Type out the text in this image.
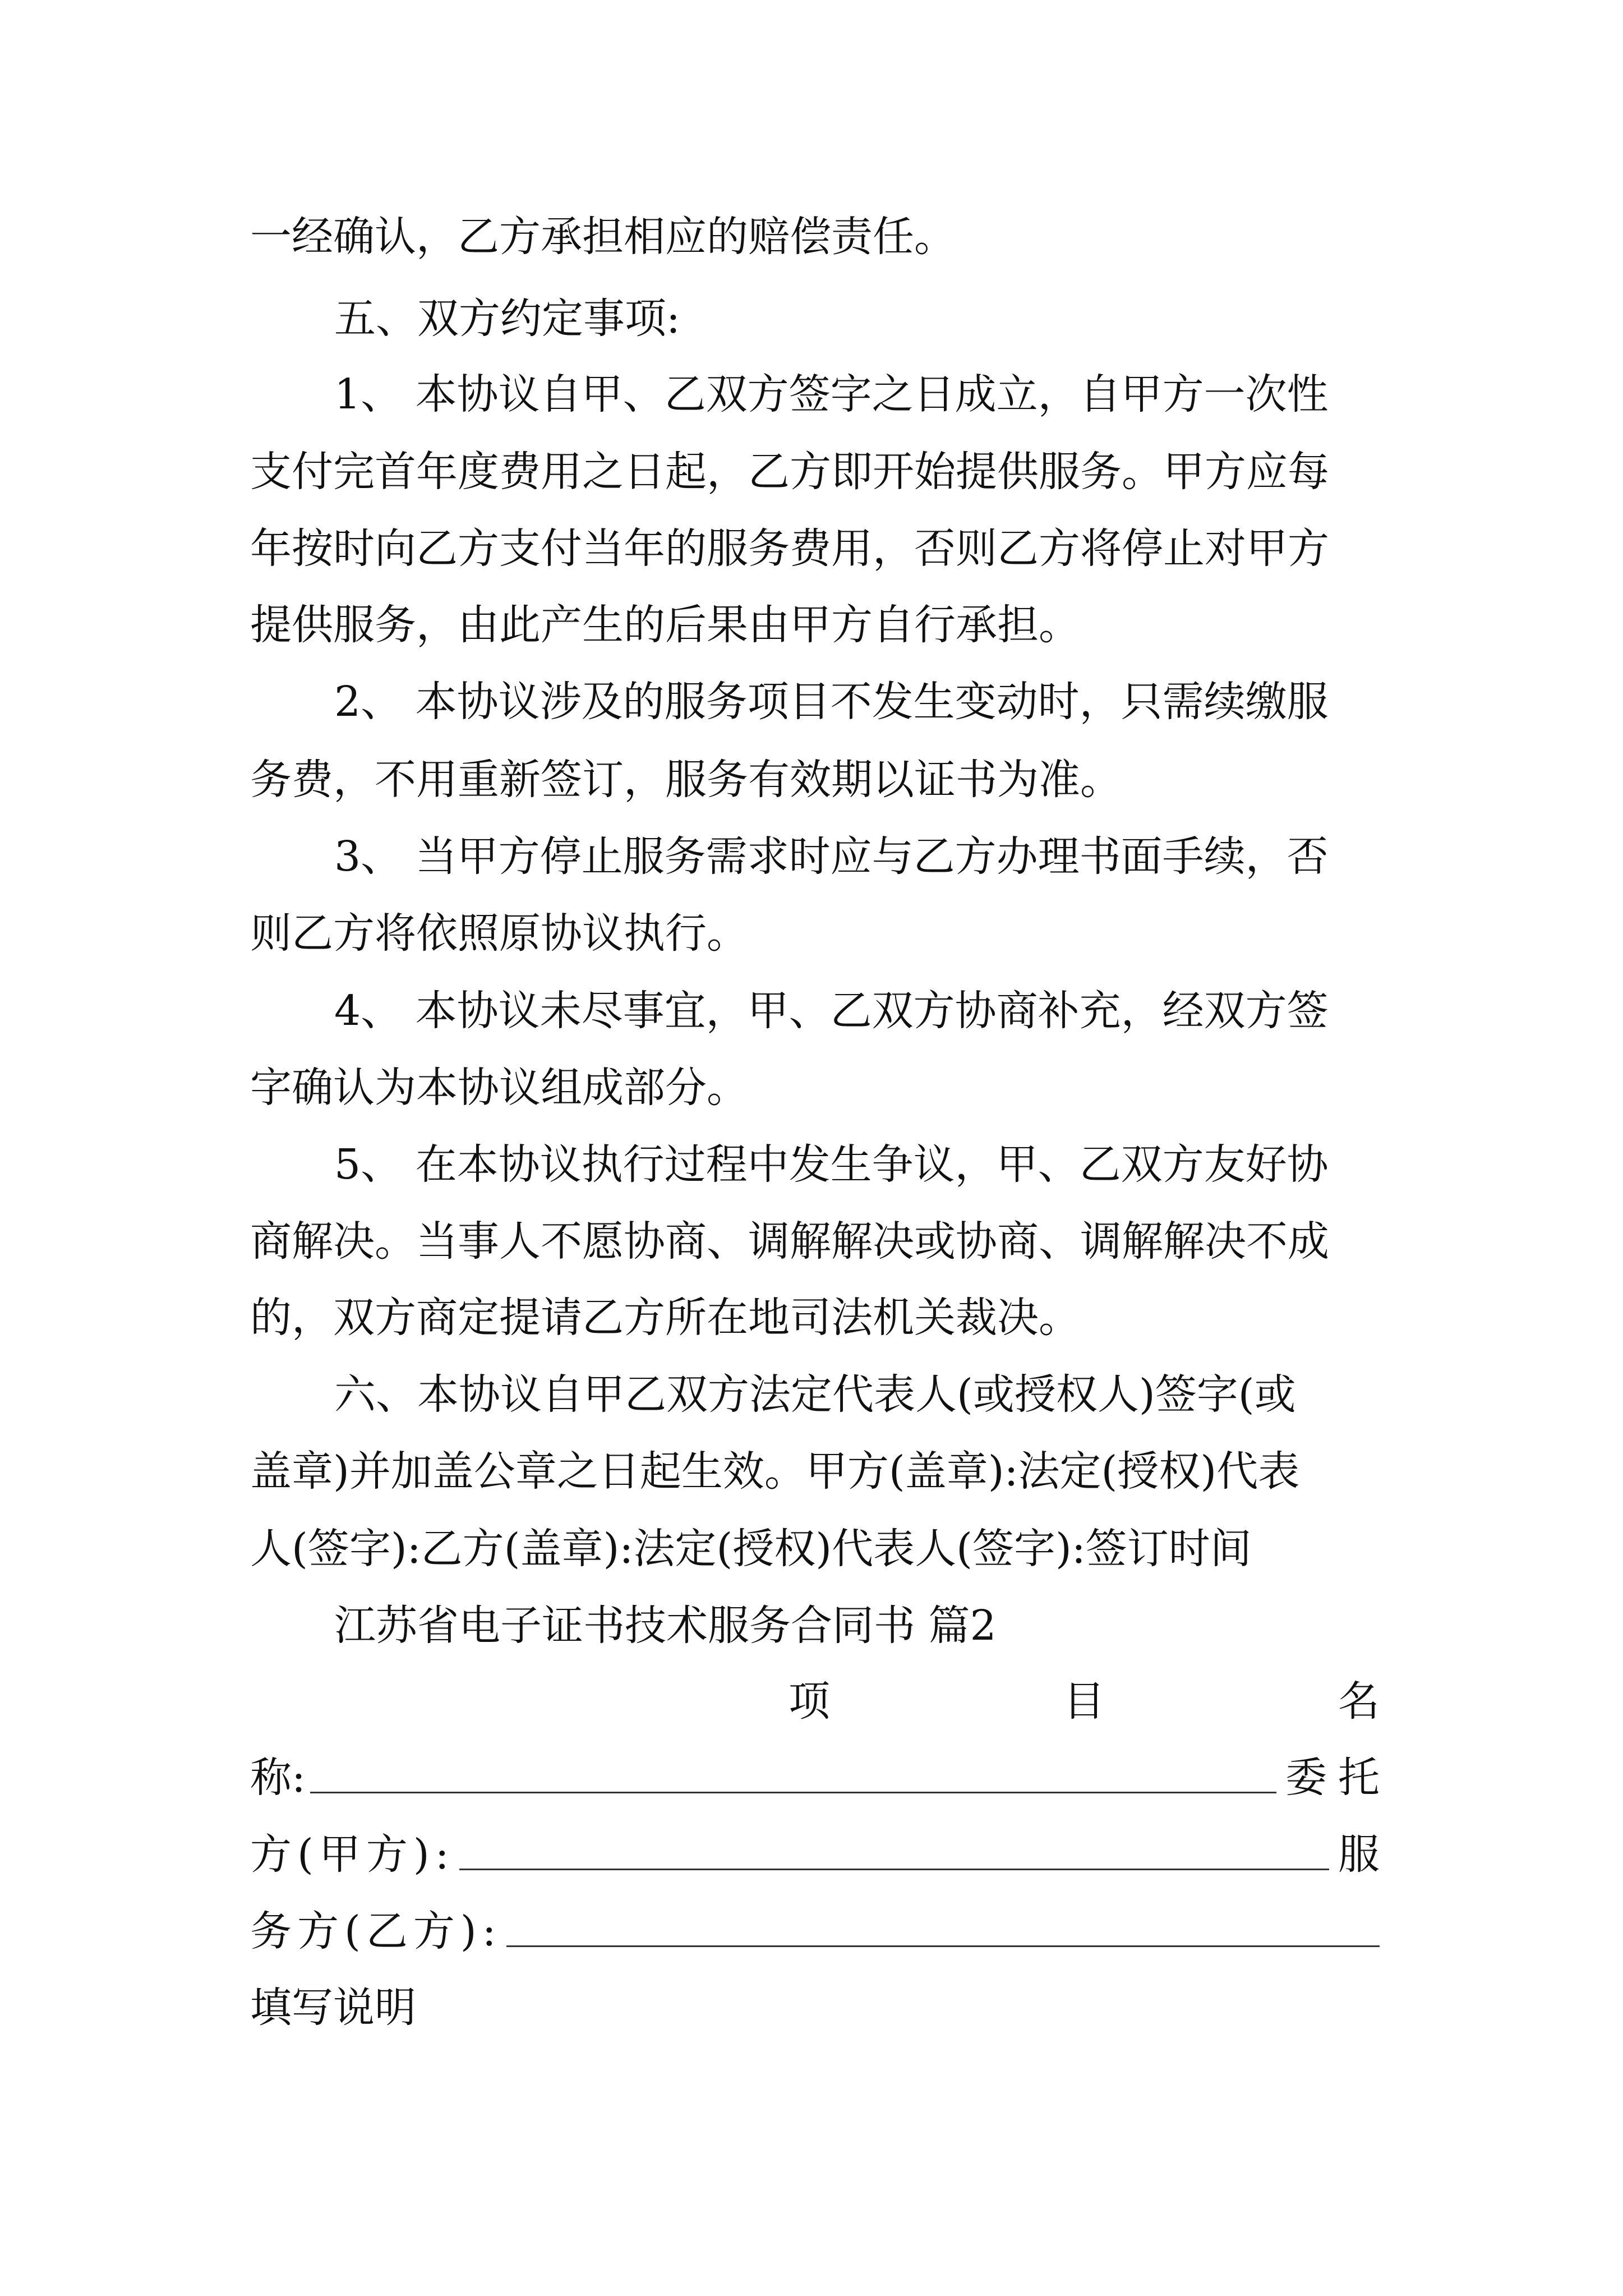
一经确认，乙方承担相应的赔偿责任。
五、双方约定事项:
1、 本协议自甲、乙双方签字之日成立，自甲方一次性
支付完首年度费用之日起，乙方即开始提供服务。甲方应每
年按时向乙方支付当年的服务费用，否则乙方将停止对甲方
提供服务，由此产生的后果由甲方自行承担。
2、 本协议涉及的服务项目不发生变动时，只需续缴服
务费，不用重新签订，服务有效期以证书为准。
3、 当甲方停止服务需求时应与乙方办理书面手续，否
则乙方将依照原协议执行。
4、 本协议未尽事宜，甲、乙双方协商补充，经双方签
字确认为本协议组成部分。
5、 在本协议执行过程中发生争议，甲、乙双方友好协
商解决。当事人不愿协商、调解解决或协商、调解解决不成
的，双方商定提请乙方所在地司法机关裁决。
六、本协议自甲乙双方法定代表人(或授权人)签字(或
盖章)并加盖公章之日起生效。甲方(盖章):法定(授权)代表
人(签字):乙方(盖章):法定(授权)代表人(签字):签订时间
江苏省电子证书技术服务合同书 篇2
项	目	名
称:	委 托
方(甲方):	服
务方(乙方):
填写说明
